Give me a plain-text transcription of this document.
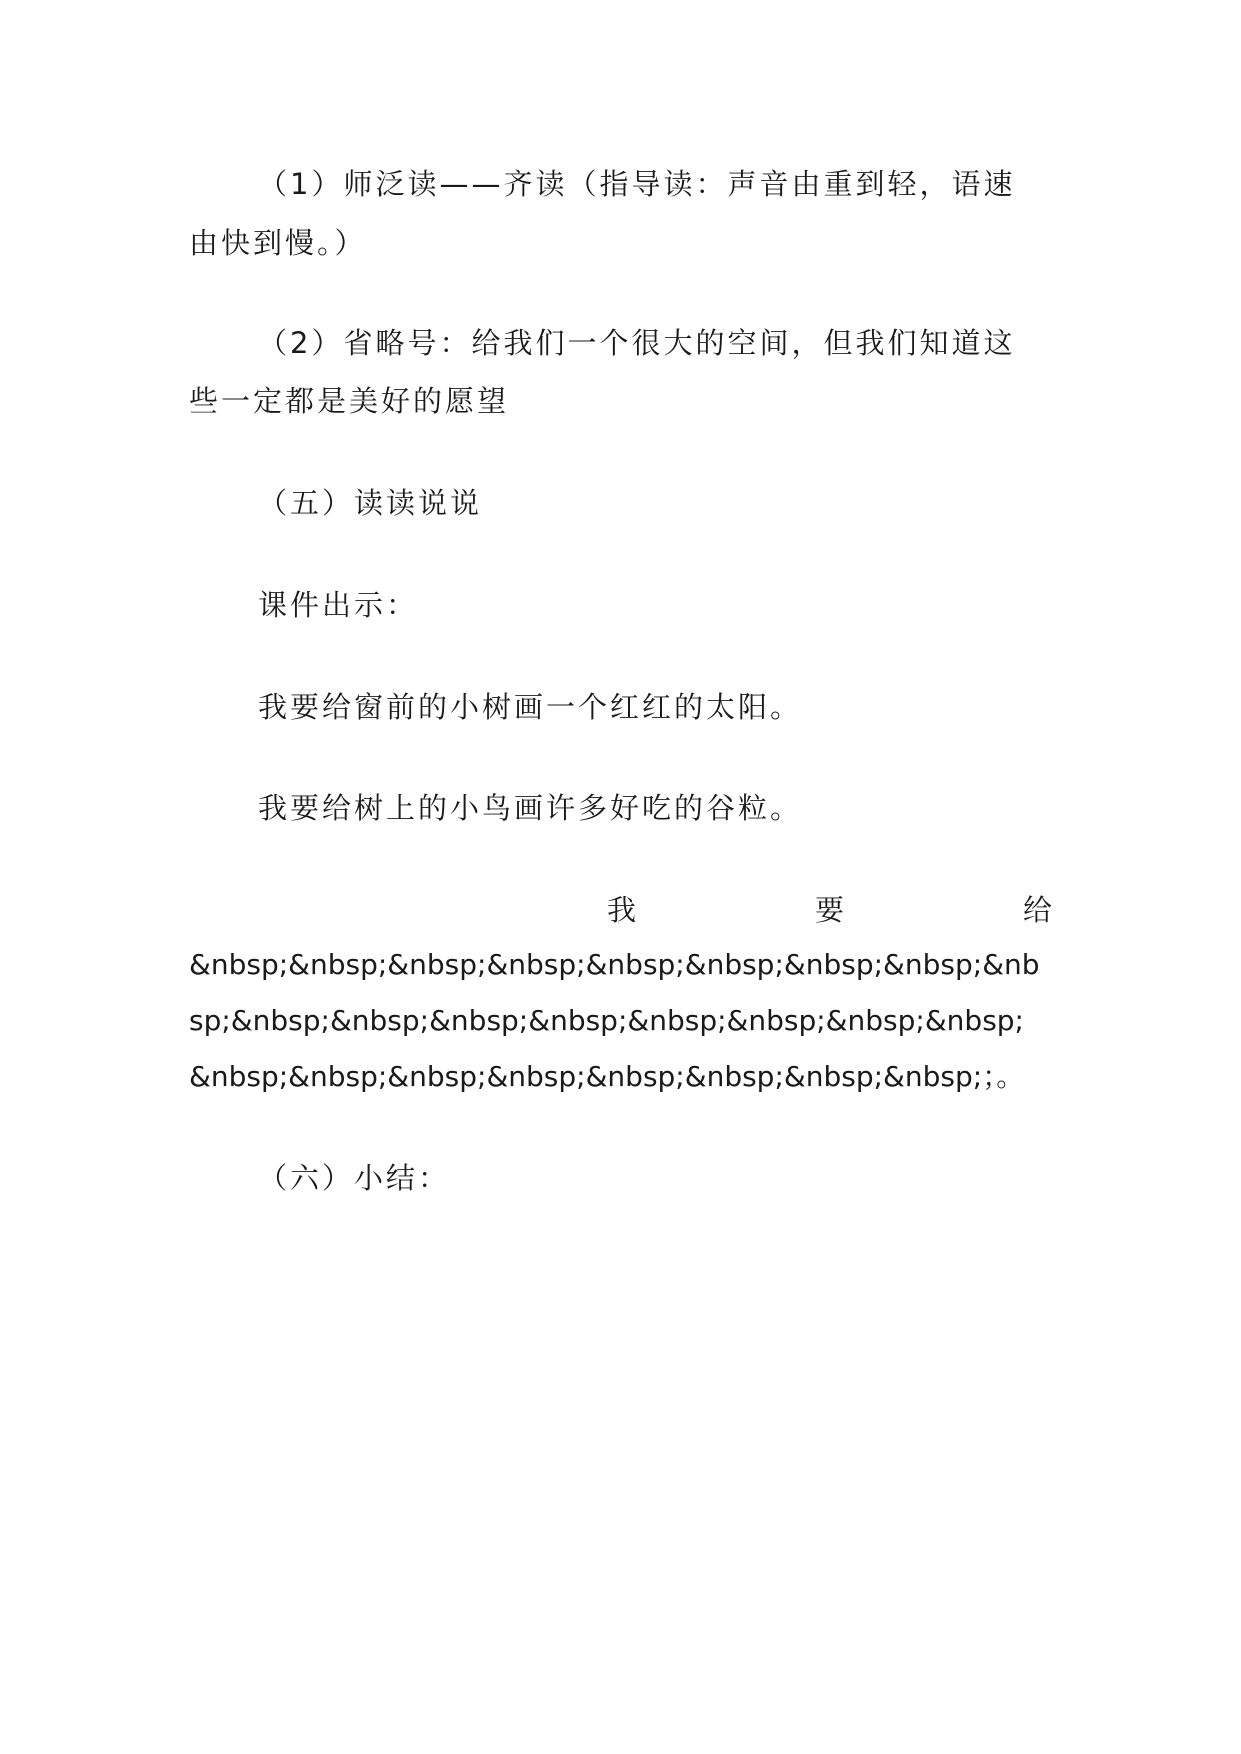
（1）师泛读——齐读（指导读：声音由重到轻，语速

由快到慢。）

（2）省略号：给我们一个很大的空间，但我们知道这

些一定都是美好的愿望

（五）读读说说

课件出示：

我要给窗前的小树画一个红红的太阳。

我要给树上的小鸟画许多好吃的谷粒。

我	要	给

&nbsp;&nbsp;&nbsp;&nbsp;&nbsp;&nbsp;&nbsp;&nbsp;&nb

sp;&nbsp;&nbsp;&nbsp;&nbsp;&nbsp;&nbsp;&nbsp;&nbsp;

&nbsp;&nbsp;&nbsp;&nbsp;&nbsp;&nbsp;&nbsp;&nbsp;；。

（六）小结：
